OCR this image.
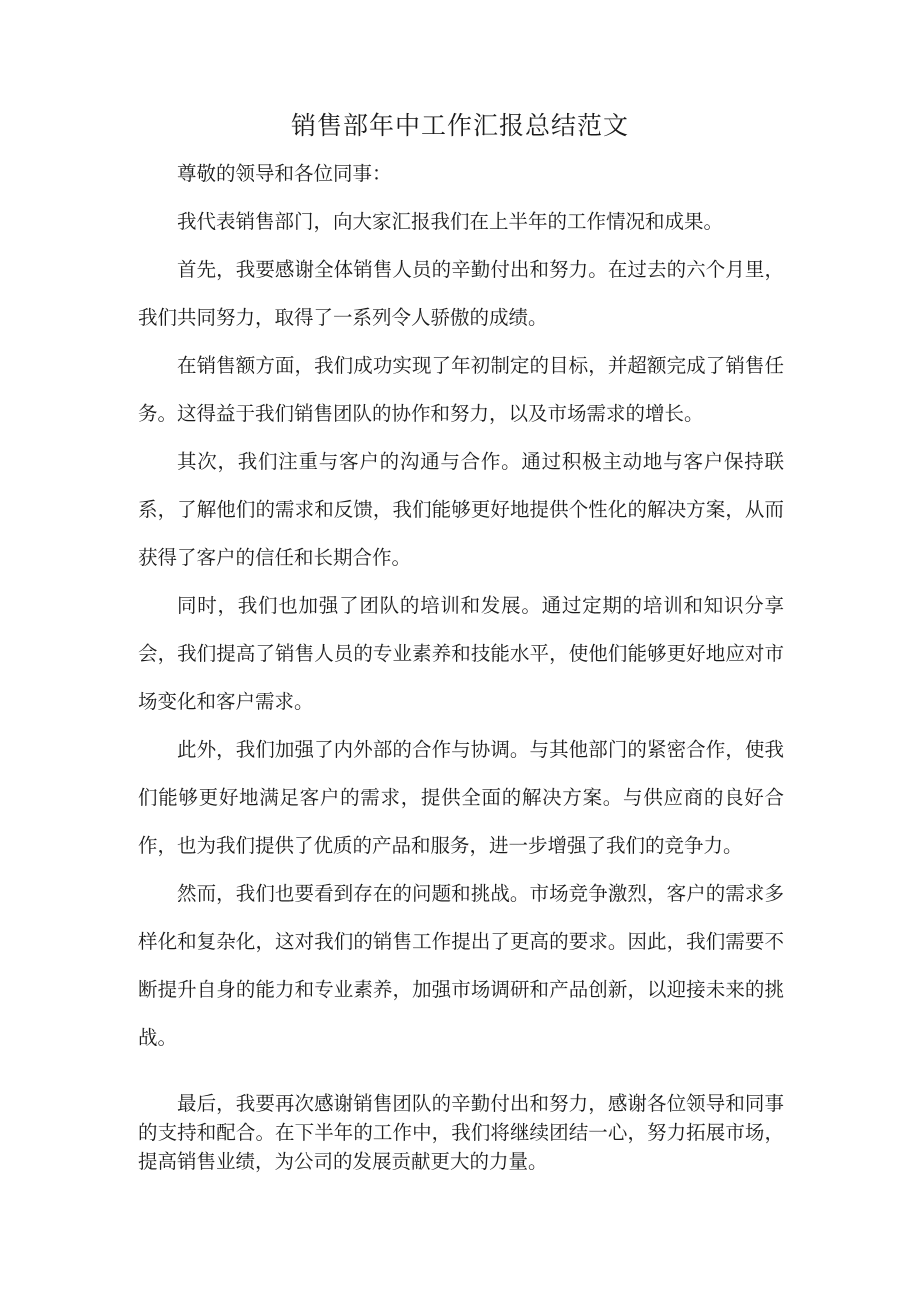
销售部年中工作汇报总结范文

尊敬的领导和各位同事：

我代表销售部门，向大家汇报我们在上半年的工作情况和成果。

首先，我要感谢全体销售人员的辛勤付出和努力。在过去的六个月里，我们共同努力，取得了一系列令人骄傲的成绩。

在销售额方面，我们成功实现了年初制定的目标，并超额完成了销售任务。这得益于我们销售团队的协作和努力，以及市场需求的增长。

其次，我们注重与客户的沟通与合作。通过积极主动地与客户保持联系，了解他们的需求和反馈，我们能够更好地提供个性化的解决方案，从而获得了客户的信任和长期合作。

同时，我们也加强了团队的培训和发展。通过定期的培训和知识分享会，我们提高了销售人员的专业素养和技能水平，使他们能够更好地应对市场变化和客户需求。

此外，我们加强了内外部的合作与协调。与其他部门的紧密合作，使我们能够更好地满足客户的需求，提供全面的解决方案。与供应商的良好合作，也为我们提供了优质的产品和服务，进一步增强了我们的竞争力。

然而，我们也要看到存在的问题和挑战。市场竞争激烈，客户的需求多样化和复杂化，这对我们的销售工作提出了更高的要求。因此，我们需要不断提升自身的能力和专业素养，加强市场调研和产品创新，以迎接未来的挑战。

最后，我要再次感谢销售团队的辛勤付出和努力，感谢各位领导和同事的支持和配合。在下半年的工作中，我们将继续团结一心，努力拓展市场，提高销售业绩，为公司的发展贡献更大的力量。
